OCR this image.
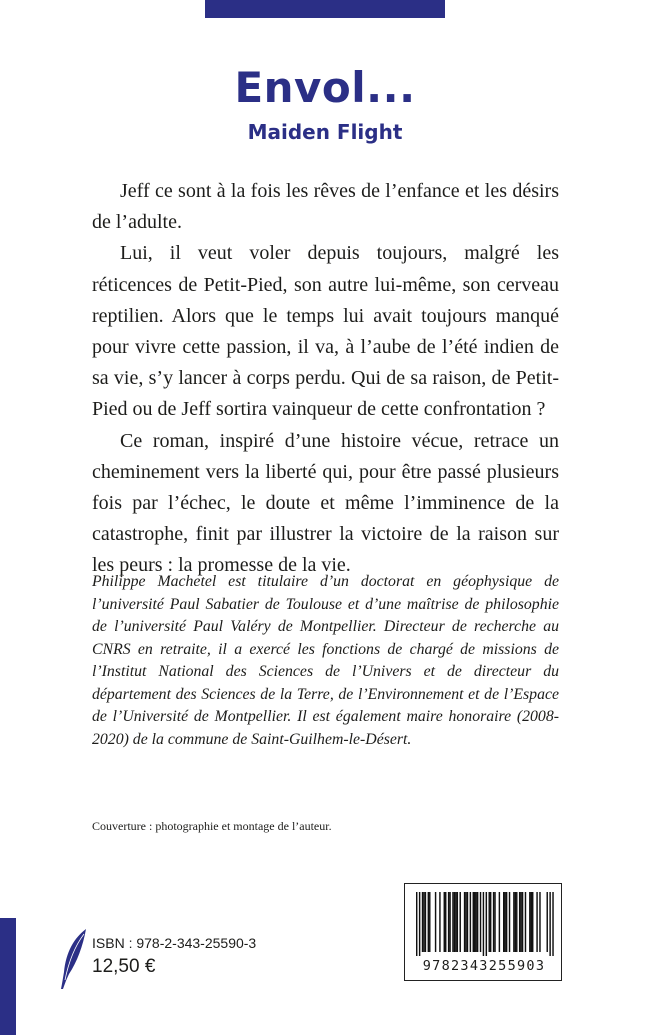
Envol...
Maiden Flight

Jeff ce sont à la fois les rêves de l’enfance et les désirs de l’adulte.

Lui, il veut voler depuis toujours, malgré les réticences de Petit-Pied, son autre lui-même, son cerveau reptilien. Alors que le temps lui avait toujours manqué pour vivre cette passion, il va, à l’aube de l’été indien de sa vie, s’y lancer à corps perdu. Qui de sa raison, de Petit-Pied ou de Jeff sortira vainqueur de cette confrontation ?

Ce roman, inspiré d’une histoire vécue, retrace un cheminement vers la liberté qui, pour être passé plusieurs fois par l’échec, le doute et même l’imminence de la catastrophe, finit par illustrer la victoire de la raison sur les peurs : la promesse de la vie.

Philippe Machetel est titulaire d’un doctorat en géophysique de l’université Paul Sabatier de Toulouse et d’une maîtrise de philosophie de l’université Paul Valéry de Montpellier. Directeur de recherche au CNRS en retraite, il a exercé les fonctions de chargé de missions de l’Institut National des Sciences de l’Univers et de directeur du département des Sciences de la Terre, de l’Environnement et de l’Espace de l’Université de Montpellier. Il est également maire honoraire (2008-2020) de la commune de Saint-Guilhem-le-Désert.

Couverture : photographie et montage de l’auteur.

ISBN : 978-2-343-25590-3

12,50 €	9782343255903
